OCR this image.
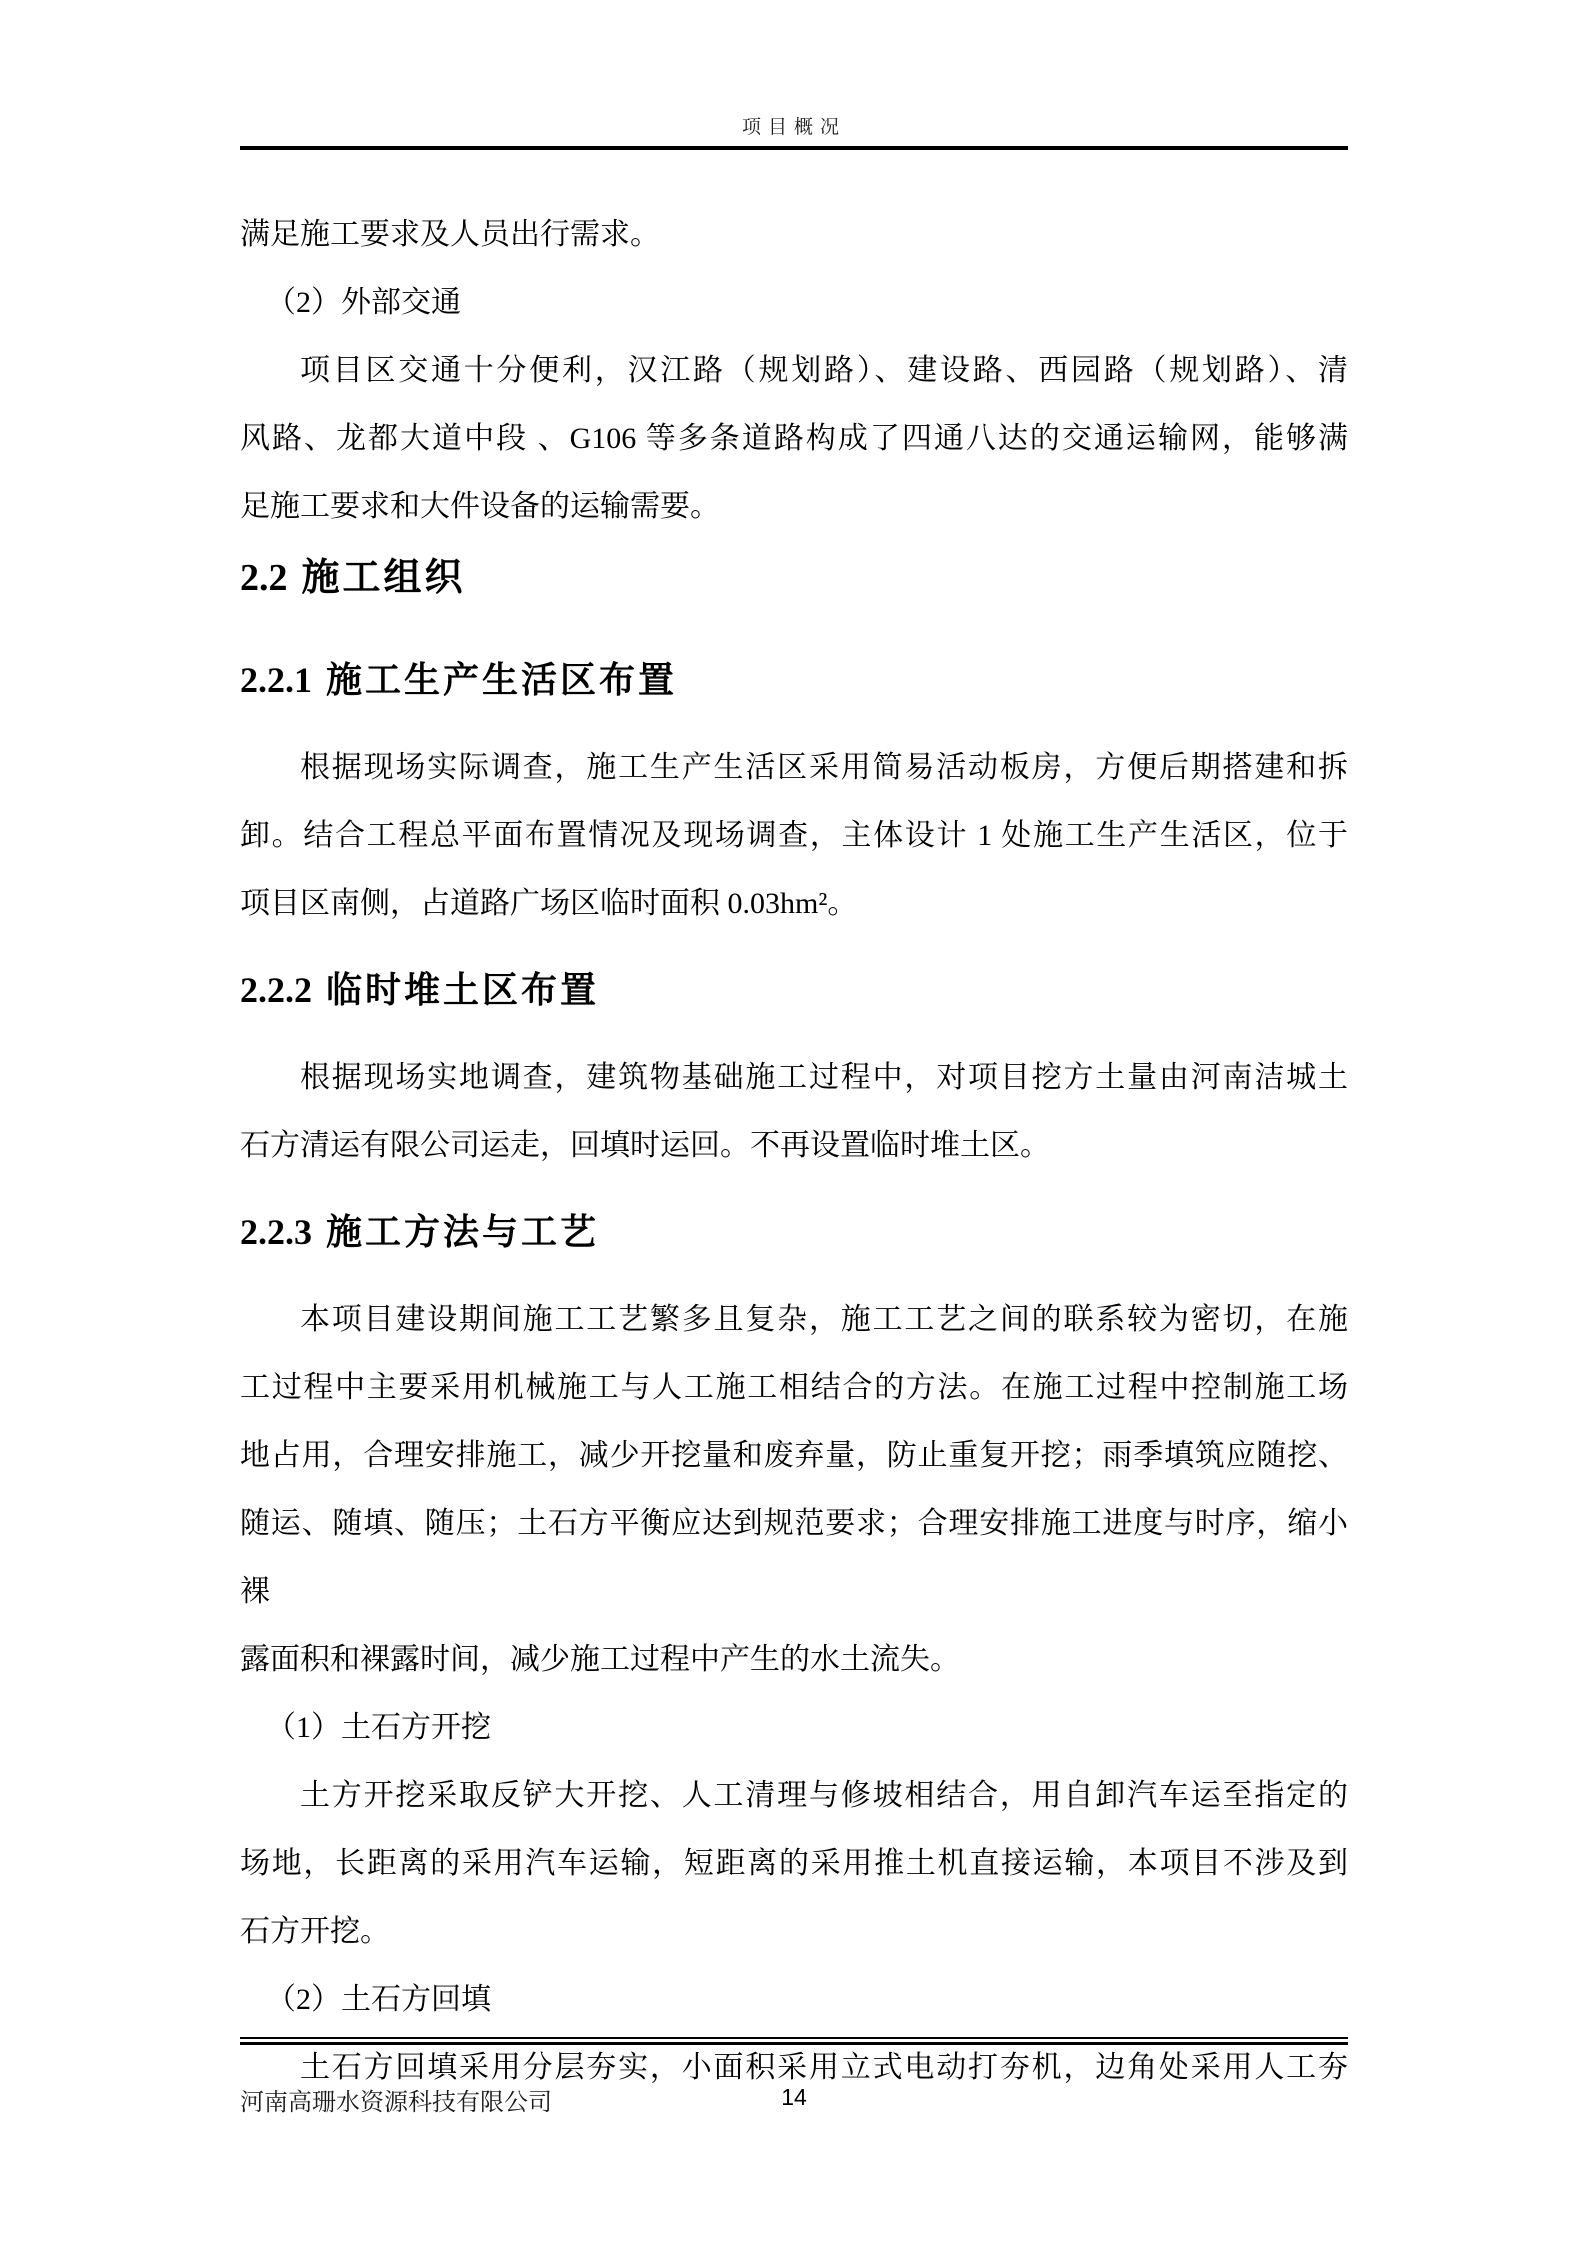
项目概况
满足施工要求及人员出行需求。
（2）外部交通
项目区交通十分便利，汉江路（规划路）、建设路、西园路（规划路）、清
风路、龙都大道中段 、G106 等多条道路构成了四通八达的交通运输网，能够满
足施工要求和大件设备的运输需要。
2.2 施工组织
2.2.1 施工生产生活区布置
根据现场实际调查，施工生产生活区采用简易活动板房，方便后期搭建和拆
卸。结合工程总平面布置情况及现场调查，主体设计 1 处施工生产生活区，位于
项目区南侧，占道路广场区临时面积 0.03hm²。
2.2.2 临时堆土区布置
根据现场实地调查，建筑物基础施工过程中，对项目挖方土量由河南洁城土
石方清运有限公司运走，回填时运回。不再设置临时堆土区。
2.2.3 施工方法与工艺
本项目建设期间施工工艺繁多且复杂，施工工艺之间的联系较为密切，在施
工过程中主要采用机械施工与人工施工相结合的方法。在施工过程中控制施工场
地占用，合理安排施工，减少开挖量和废弃量，防止重复开挖；雨季填筑应随挖、
随运、随填、随压；土石方平衡应达到规范要求；合理安排施工进度与时序，缩小裸
露面积和裸露时间，减少施工过程中产生的水土流失。
（1）土石方开挖
土方开挖采取反铲大开挖、人工清理与修坡相结合，用自卸汽车运至指定的
场地，长距离的采用汽车运输，短距离的采用推土机直接运输，本项目不涉及到
石方开挖。
（2）土石方回填
土石方回填采用分层夯实，小面积采用立式电动打夯机，边角处采用人工夯
河南高珊水资源科技有限公司	14
